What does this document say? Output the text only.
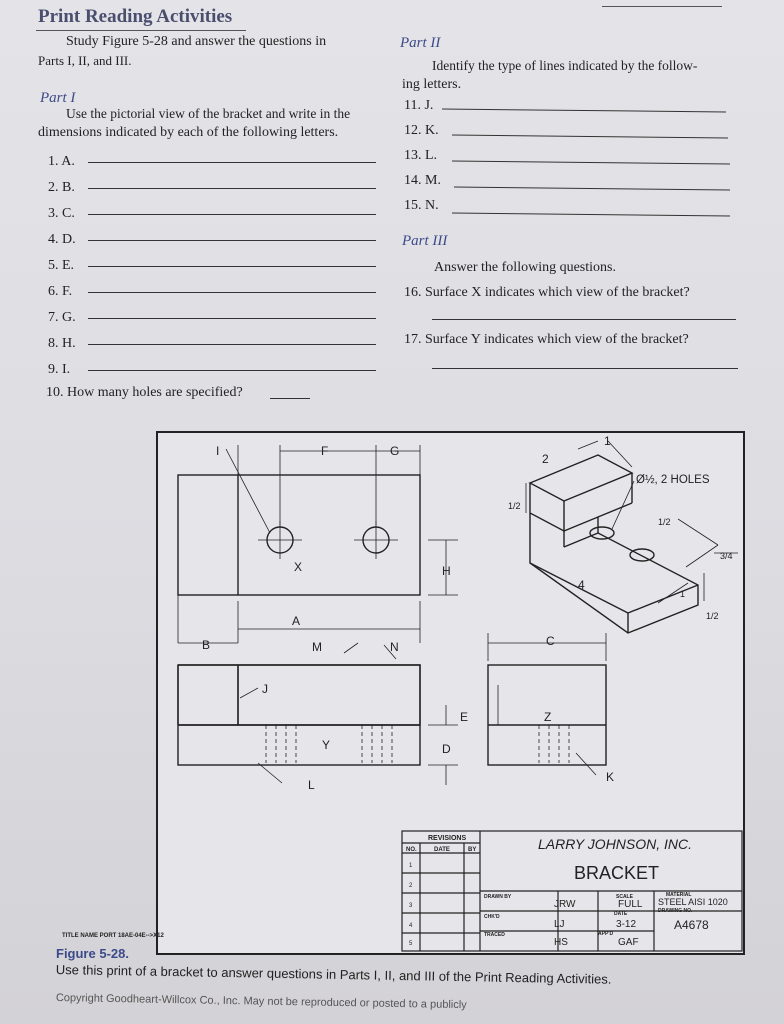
Print Reading Activities
Study Figure 5-28 and answer the questions in
Parts I, II, and III.
Part I
Use the pictorial view of the bracket and write in the
dimensions indicated by each of the following letters.
1. A.
2. B.
3. C.
4. D.
5. E.
6. F.
7. G.
8. H.
9. I.
10. How many holes are specified?
Part II
Identify the type of lines indicated by the follow-
ing letters.
11. J.
12. K.
13. L.
14. M.
15. N.
Part III
Answer the following questions.
16. Surface X indicates which view of the bracket?
17. Surface Y indicates which view of the bracket?
I	F	G
X	H
A
B	M	N	C
J
Y
E
D
Z
K
L
2
1
4
Ø½, 2 HOLES
1/2
1/2
1/2
3/4
1
REVISIONS
NO.	DATE	BY
1
2
3
4
5
LARRY JOHNSON, INC.
BRACKET
DRAWN BY
JRW
CHK'D
LJ
TRACED
HS
SCALE
FULL
DATE
3-12
APP'D
GAF
MATERIAL
STEEL AISI 1020
DRAWING NO.
A4678
TITLE NAME PORT 18AE-04E-->X12
Figure 5-28.
Use this print of a bracket to answer questions in Parts I, II, and III of the Print Reading Activities.
Copyright Goodheart-Willcox Co., Inc. May not be reproduced or posted to a publicly
